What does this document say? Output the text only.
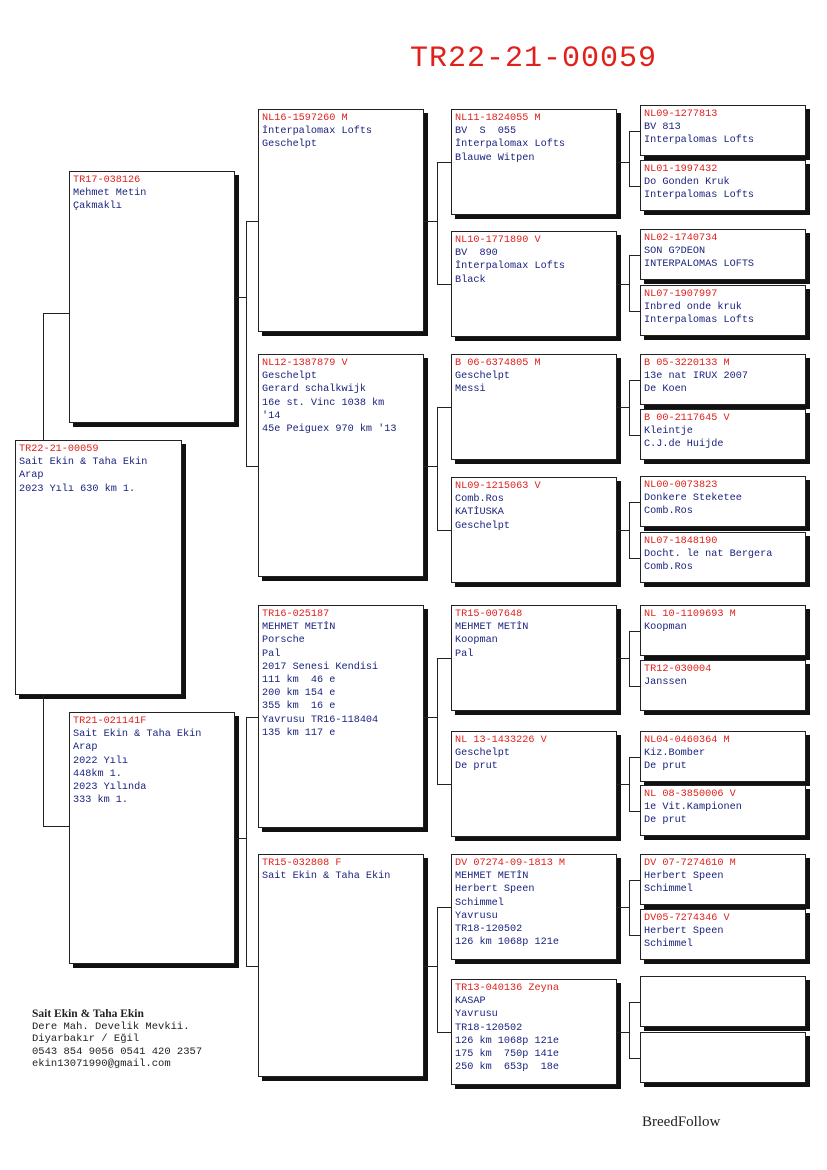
TR22-21-00059
TR22-21-00059
Sait Ekin & Taha Ekin
Arap
2023 Yılı 630 km 1.
TR17-038126
Mehmet Metin
Çakmaklı
TR21-021141F
Sait Ekin & Taha Ekin
Arap
2022 Yılı
448km 1.
2023 Yılında
333 km 1.
NL16-1597260 M
İnterpalomax Lofts
Geschelpt
NL12-1387879 V
Geschelpt
Gerard schalkwijk
16e st. Vinc 1038 km
'14
45e Peiguex 970 km '13
TR16-025187
MEHMET METİN
Porsche
Pal
2017 Senesi Kendisi
111 km  46 e
200 km 154 e
355 km  16 e
Yavrusu TR16-118404
135 km 117 e
TR15-032808 F
Sait Ekin & Taha Ekin
NL11-1824055 M
BV  S  055
İnterpalomax Lofts
Blauwe Witpen
NL10-1771890 V
BV  890
İnterpalomax Lofts
Black
B 06-6374805 M
Geschelpt
Messi
NL09-1215063 V
Comb.Ros
KATİUSKA
Geschelpt
TR15-007648
MEHMET METİN
Koopman
Pal
NL 13-1433226 V
Geschelpt
De prut
DV 07274-09-1813 M
MEHMET METİN
Herbert Speen
Schimmel
Yavrusu
TR18-120502
126 km 1068p 121e
TR13-040136 Zeyna
KASAP
Yavrusu
TR18-120502
126 km 1068p 121e
175 km  750p 141e
250 km  653p  18e
NL09-1277813
BV 813
Interpalomas Lofts
NL01-1997432
Do Gonden Kruk
Interpalomas Lofts
NL02-1740734
SON G?DEON
INTERPALOMAS LOFTS
NL07-1907997
Inbred onde kruk
Interpalomas Lofts
B 05-3220133 M
13e nat IRUX 2007
De Koen
B 00-2117645 V
Kleintje
C.J.de Huijde
NL00-0073823
Donkere Steketee
Comb.Ros
NL07-1848190
Docht. le nat Bergera
Comb.Ros
NL 10-1109693 M
Koopman
TR12-030004
Janssen
NL04-0460364 M
Kiz.Bomber
De prut
NL 08-3850006 V
1e Vit.Kampionen
De prut
DV 07-7274610 M
Herbert Speen
Schimmel
DV05-7274346 V
Herbert Speen
Schimmel
Sait Ekin & Taha Ekin
Dere Mah. Develik Mevkii.
Diyarbakır / Eğil
0543 854 9056 0541 420 2357
ekin13071990@gmail.com
BreedFollow
